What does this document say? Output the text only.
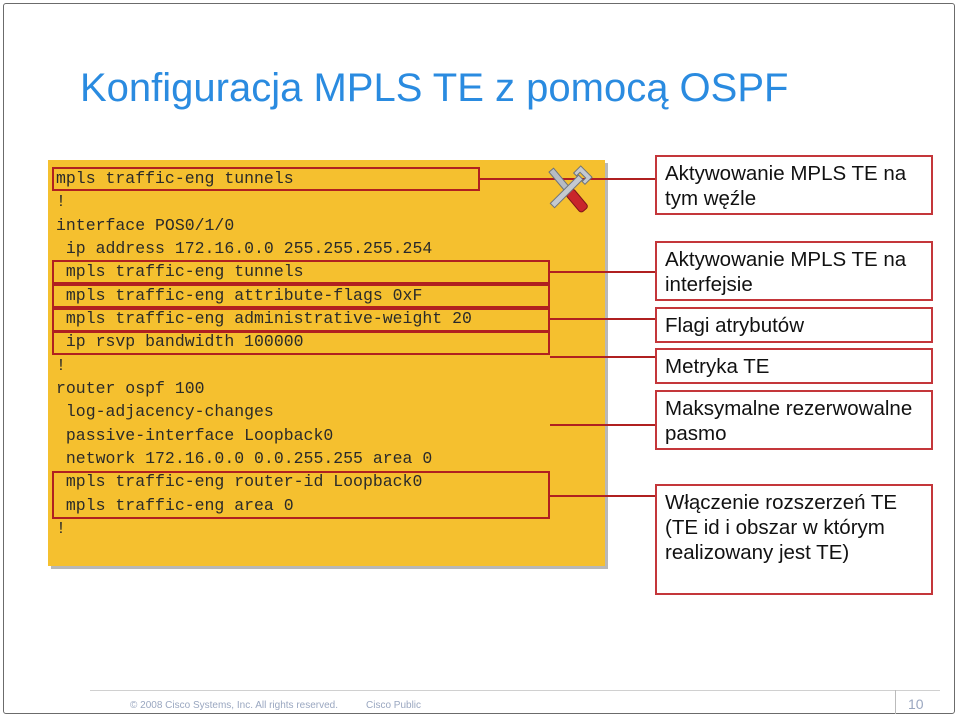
Konfiguracja MPLS TE z pomocą OSPF
mpls traffic-eng tunnels
!
interface POS0/1/0
ip address 172.16.0.0 255.255.255.254
mpls traffic-eng tunnels
mpls traffic-eng attribute-flags 0xF
mpls traffic-eng administrative-weight 20
ip rsvp bandwidth 100000
!
router ospf 100
log-adjacency-changes
passive-interface Loopback0
network 172.16.0.0 0.0.255.255 area 0
mpls traffic-eng router-id Loopback0
mpls traffic-eng area 0
!
Aktywowanie MPLS TE na tym węźle
Aktywowanie MPLS TE na interfejsie
Flagi atrybutów
Metryka TE
Maksymalne rezerwowalne pasmo
Włączenie rozszerzeń TE (TE id i obszar w którym realizowany jest TE)
© 2008 Cisco Systems, Inc. All rights reserved.	Cisco Public	10
